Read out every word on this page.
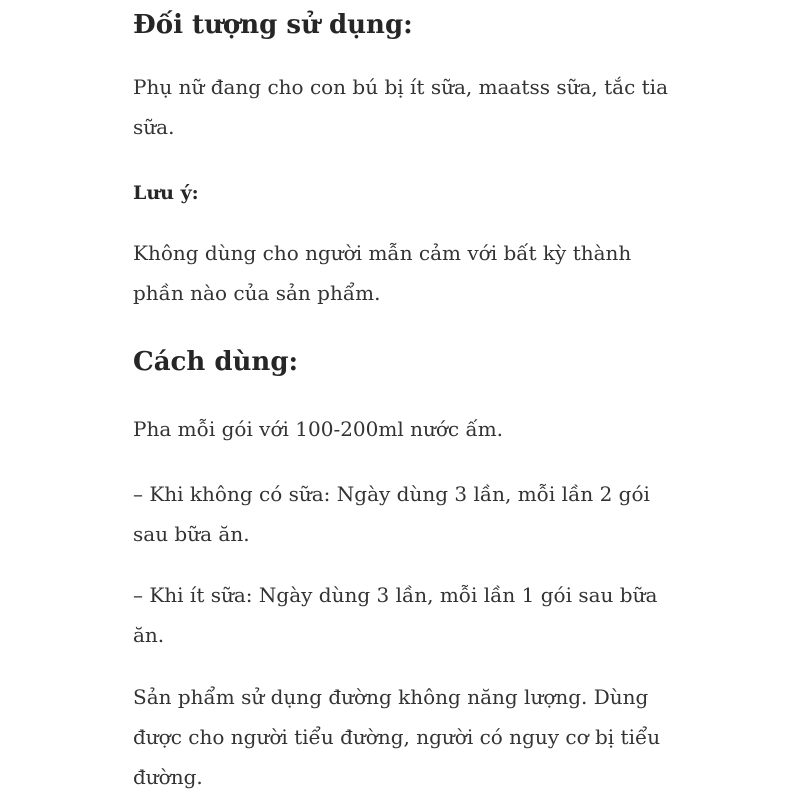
Đối tượng sử dụng:

Phụ nữ đang cho con bú bị ít sữa, maatss sữa, tắc tia sữa.

Lưu ý:

Không dùng cho người mẫn cảm với bất kỳ thành phần nào của sản phẩm.

Cách dùng:

Pha mỗi gói với 100-200ml nước ấm.

– Khi không có sữa: Ngày dùng 3 lần, mỗi lần 2 gói sau bữa ăn.

– Khi ít sữa: Ngày dùng 3 lần, mỗi lần 1 gói sau bữa ăn.

Sản phẩm sử dụng đường không năng lượng. Dùng được cho người tiểu đường, người có nguy cơ bị tiểu đường.
